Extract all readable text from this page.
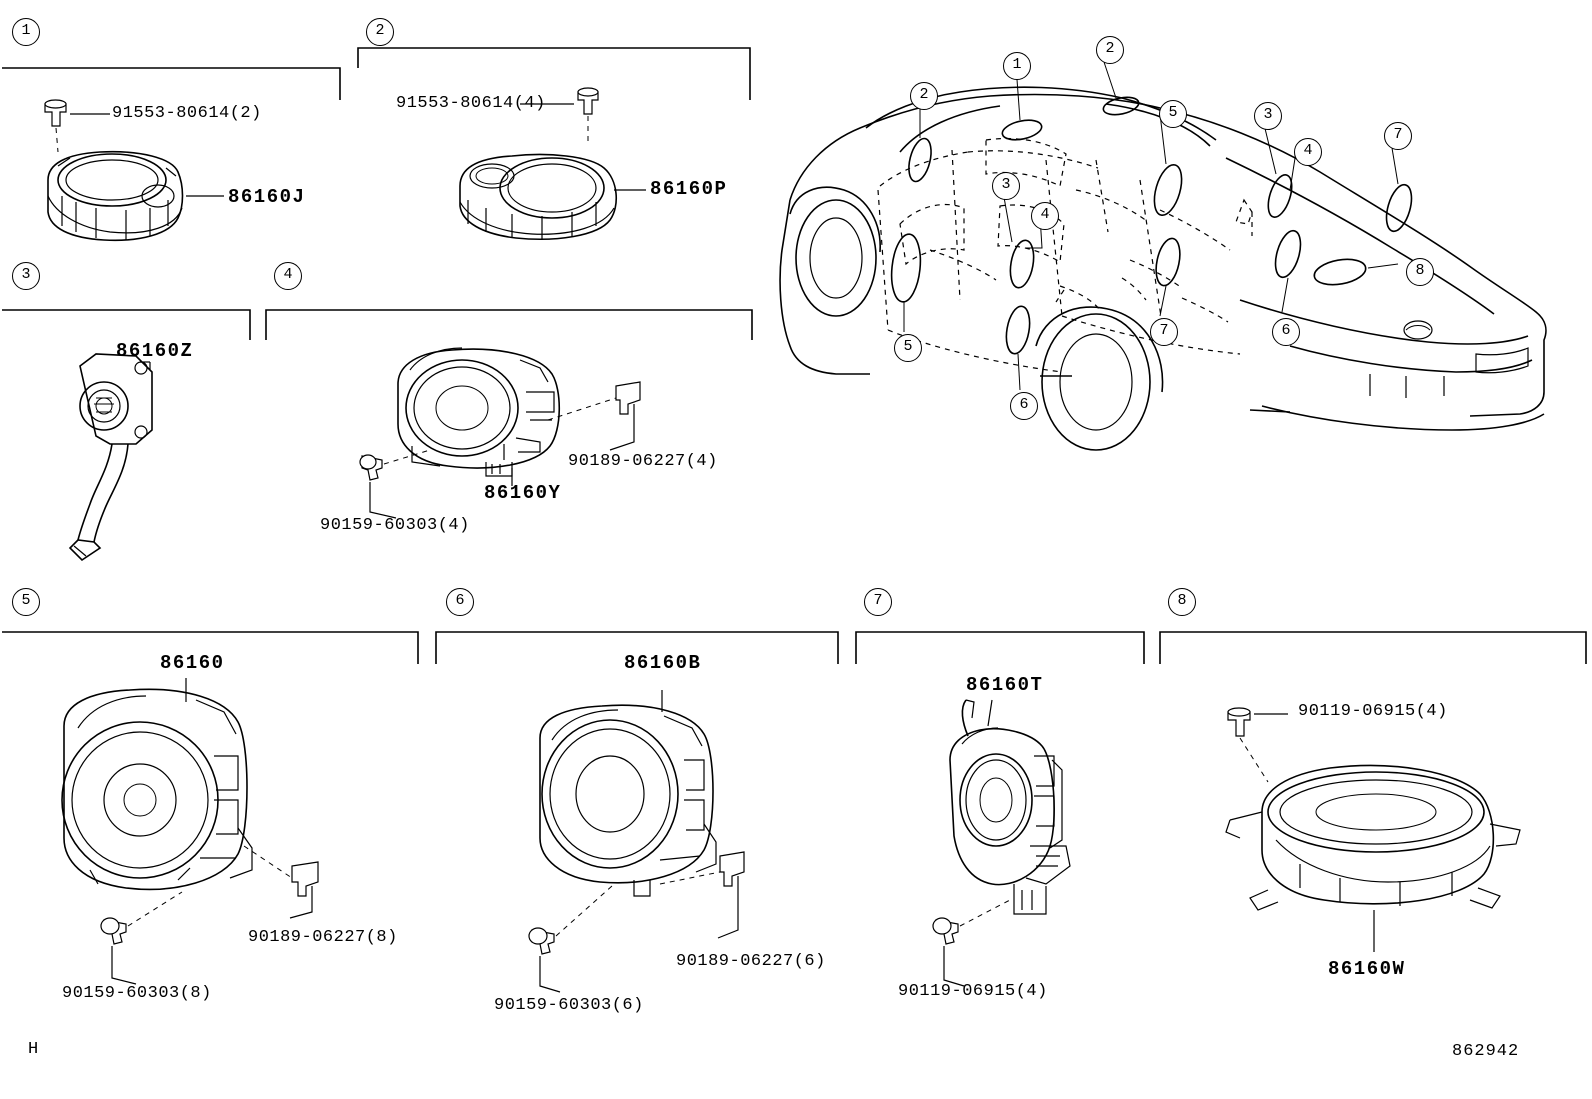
1	2
3	4
5	6	7	8
2
1
2
5	3
4
7
3
4
8
6
7
5
6
91553-80614(2)
86160J
91553-80614(4)
86160P
86160Z
86160Y
90189-06227(4)
90159-60303(4)
86160
90189-06227(8)
90159-60303(8)
86160B
90189-06227(6)
90159-60303(6)
86160T
90119-06915(4)
90119-06915(4)
86160W
H	862942
